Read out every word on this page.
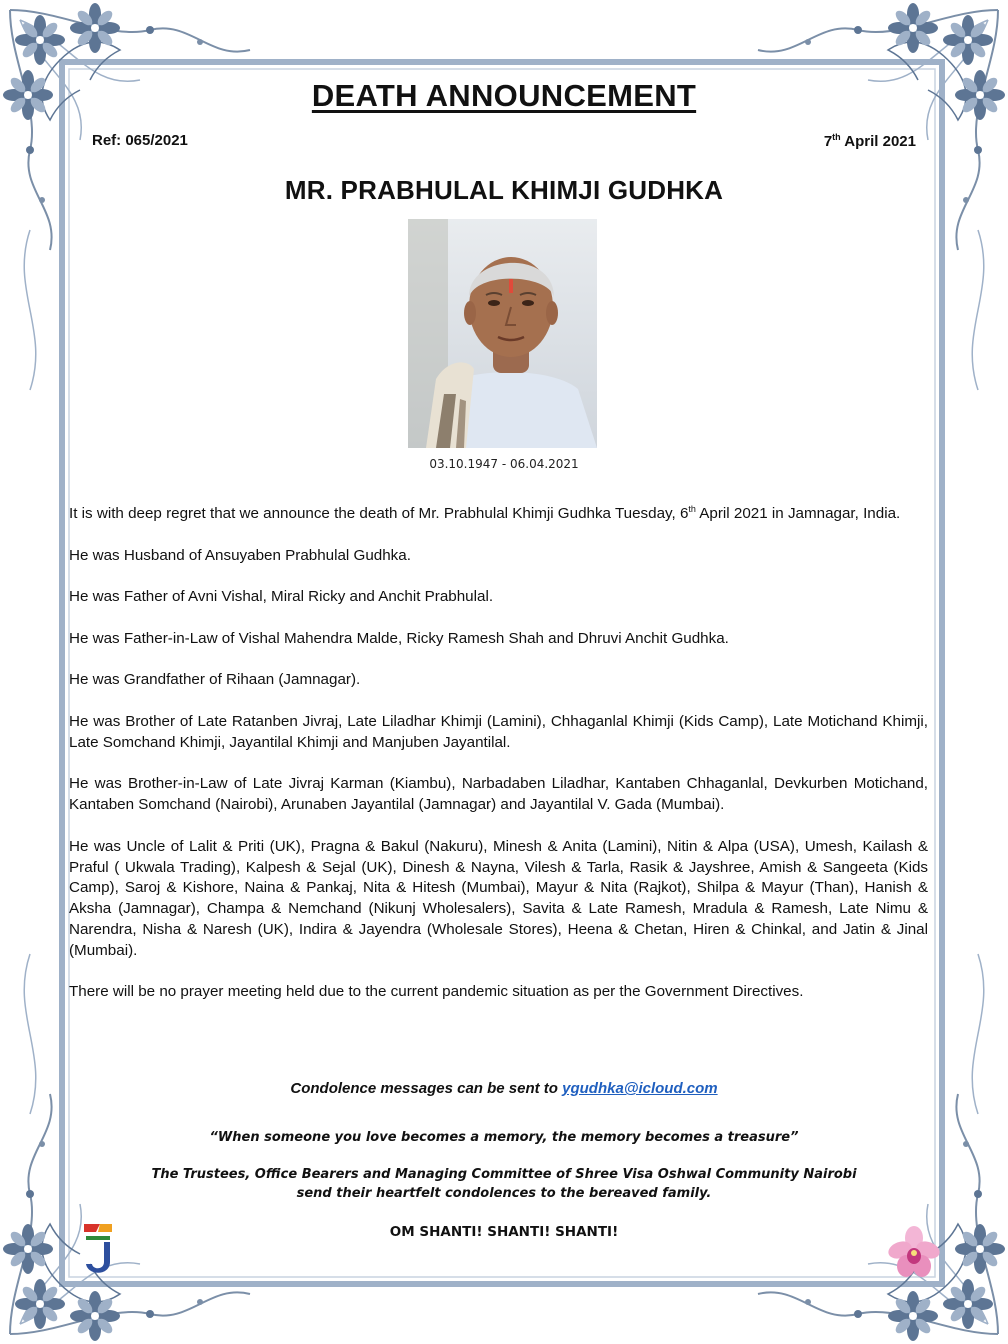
DEATH ANNOUNCEMENT
Ref: 065/2021	7th April 2021
MR. PRABHULAL KHIMJI GUDHKA
03.10.1947 - 06.04.2021

It is with deep regret that we announce the death of Mr. Prabhulal Khimji Gudhka Tuesday, 6th April 2021 in Jamnagar, India.

He was Husband of Ansuyaben Prabhulal Gudhka.

He was Father of Avni Vishal, Miral Ricky and Anchit Prabhulal.

He was Father-in-Law of Vishal Mahendra Malde, Ricky Ramesh Shah and Dhruvi Anchit Gudhka.

He was Grandfather of Rihaan (Jamnagar).

He was Brother of Late Ratanben Jivraj, Late Liladhar Khimji (Lamini), Chhaganlal Khimji (Kids Camp), Late Motichand Khimji, Late Somchand Khimji, Jayantilal Khimji and Manjuben Jayantilal.

He was Brother-in-Law of Late Jivraj Karman (Kiambu), Narbadaben Liladhar, Kantaben Chhaganlal, Devkurben Motichand, Kantaben Somchand (Nairobi), Arunaben Jayantilal (Jamnagar) and Jayantilal V. Gada (Mumbai).

He was Uncle of Lalit & Priti (UK), Pragna & Bakul (Nakuru), Minesh & Anita (Lamini), Nitin & Alpa (USA), Umesh, Kailash & Praful ( Ukwala Trading), Kalpesh & Sejal (UK), Dinesh & Nayna, Vilesh & Tarla, Rasik & Jayshree, Amish & Sangeeta (Kids Camp), Saroj & Kishore, Naina & Pankaj, Nita & Hitesh (Mumbai), Mayur & Nita (Rajkot), Shilpa & Mayur (Than), Hanish & Aksha (Jamnagar), Champa & Nemchand (Nikunj Wholesalers), Savita & Late Ramesh, Mradula & Ramesh, Late Nimu & Narendra, Nisha & Naresh (UK), Indira & Jayendra (Wholesale Stores), Heena & Chetan, Hiren & Chinkal, and Jatin & Jinal (Mumbai).

There will be no prayer meeting held due to the current pandemic situation as per the Government Directives.

Condolence messages can be sent to ygudhka@icloud.com
“When someone you love becomes a memory, the memory becomes a treasure”
The Trustees, Office Bearers and Managing Committee of Shree Visa Oshwal Community Nairobi
send their heartfelt condolences to the bereaved family.
OM SHANTI! SHANTI! SHANTI!
